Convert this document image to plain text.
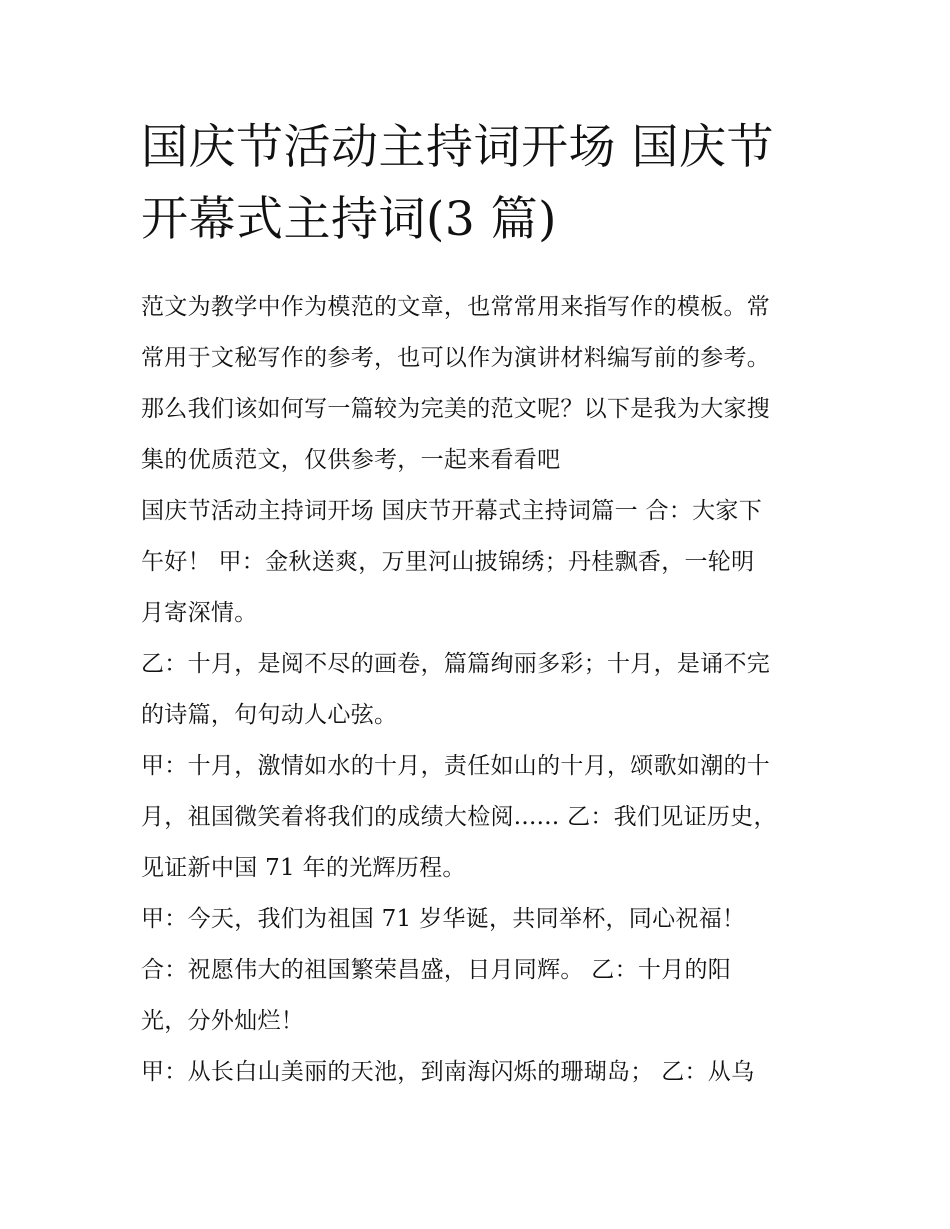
国庆节活动主持词开场 国庆节
开幕式主持词(3 篇)
范文为教学中作为模范的文章，也常常用来指写作的模板。常
常用于文秘写作的参考，也可以作为演讲材料编写前的参考。
那么我们该如何写一篇较为完美的范文呢？以下是我为大家搜
集的优质范文，仅供参考，一起来看看吧
国庆节活动主持词开场 国庆节开幕式主持词篇一 合：大家下
午好！ 甲：金秋送爽，万里河山披锦绣；丹桂飘香，一轮明
月寄深情。
乙：十月，是阅不尽的画卷，篇篇绚丽多彩；十月，是诵不完
的诗篇，句句动人心弦。
甲：十月，激情如水的十月，责任如山的十月，颂歌如潮的十
月，祖国微笑着将我们的成绩大检阅...... 乙：我们见证历史，
见证新中国 71 年的光辉历程。
甲：今天，我们为祖国 71 岁华诞，共同举杯，同心祝福！
合：祝愿伟大的祖国繁荣昌盛，日月同辉。 乙：十月的阳
光，分外灿烂！
甲：从长白山美丽的天池，到南海闪烁的珊瑚岛； 乙：从乌
